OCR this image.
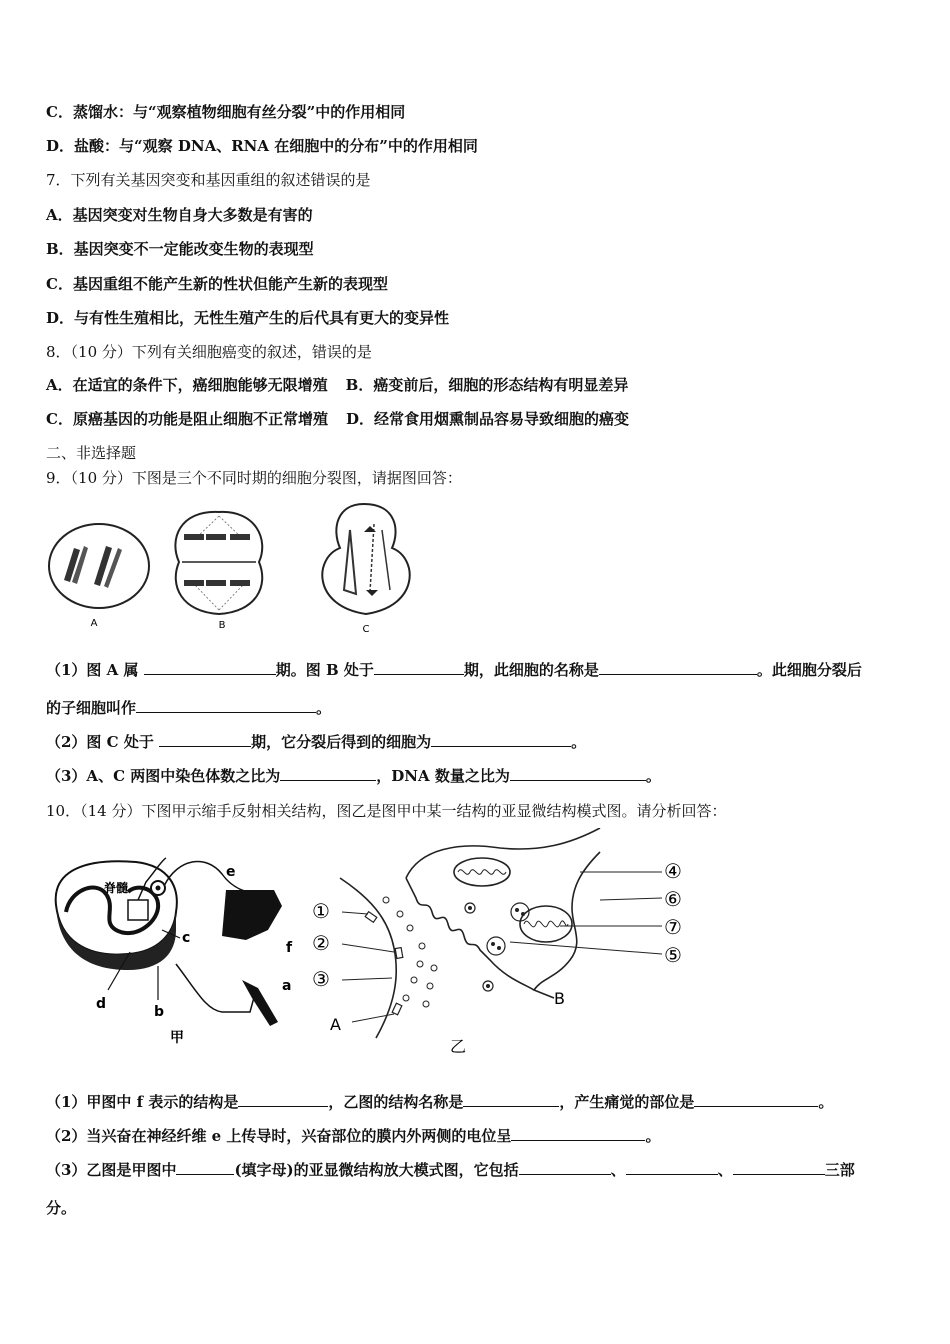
C．蒸馏水：与“观察植物细胞有丝分裂”中的作用相同
D．盐酸：与“观察 DNA、RNA 在细胞中的分布”中的作用相同
7．下列有关基因突变和基因重组的叙述错误的是
A．基因突变对生物自身大多数是有害的
B．基因突变不一定能改变生物的表现型
C．基因重组不能产生新的性状但能产生新的表现型
D．与有性生殖相比，无性生殖产生的后代具有更大的变异性
8．（10 分）下列有关细胞癌变的叙述，错误的是
A．在适宜的条件下，癌细胞能够无限增殖 B．癌变前后，细胞的形态结构有明显差异
C．原癌基因的功能是阻止细胞不正常增殖 D．经常食用烟熏制品容易导致细胞的癌变
二、非选择题
9．（10 分）下图是三个不同时期的细胞分裂图，请据图回答：
A	B	C
（1）图 A 属	期。图 B 处于	期，此细胞的名称是	。此细胞分裂后
的子细胞叫作	。
（2）图 C 处于	期，它分裂后得到的细胞为	。
（3）A、C 两图中染色体数之比为	，DNA 数量之比为	。
10．（14 分）下图甲示缩手反射相关结构，图乙是图甲中某一结构的亚显微结构模式图。请分析回答：
脊髓
e
c
f
a
d	b
甲
①
②
③
A
④
⑥
⑦
⑤
B
乙
（1）甲图中 f 表示的结构是	，乙图的结构名称是	，产生痛觉的部位是	。
（2）当兴奋在神经纤维 e 上传导时，兴奋部位的膜内外两侧的电位呈	。
（3）乙图是甲图中	(填字母)的亚显微结构放大模式图，它包括	、	、	三部
分。
